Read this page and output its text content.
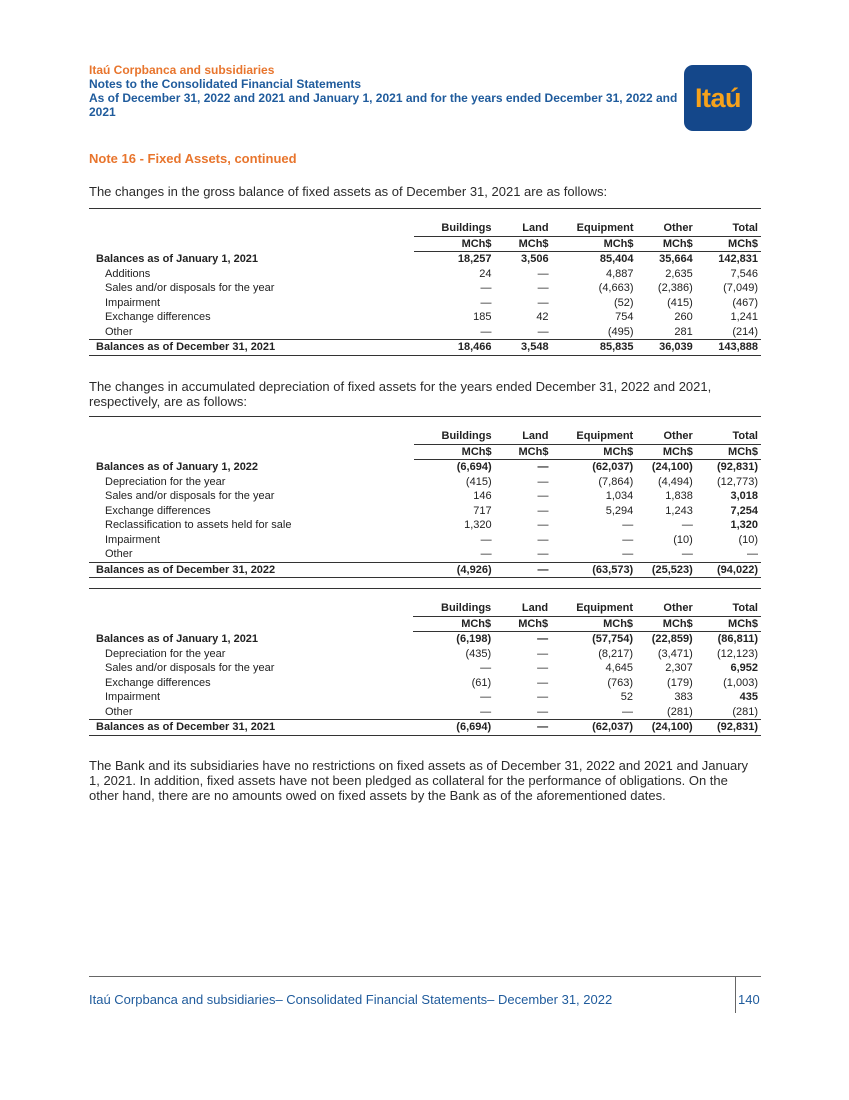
Itaú Corpbanca and subsidiaries
Notes to the Consolidated Financial Statements
As of December 31, 2022 and 2021 and January 1, 2021 and for the years ended December 31, 2022 and 2021	Itaú
Note 16 - Fixed Assets, continued
The changes in the gross balance of fixed assets as of December 31, 2021 are as follows:
	Buildings	Land	Equipment	Other	Total
	MCh$	MCh$	MCh$	MCh$	MCh$
Balances as of January 1, 2021	18,257	3,506	85,404	35,664	142,831
Additions	24	—	4,887	2,635	7,546
Sales and/or disposals for the year	—	—	(4,663)	(2,386)	(7,049)
Impairment	—	—	(52)	(415)	(467)
Exchange differences	185	42	754	260	1,241
Other	—	—	(495)	281	(214)
Balances as of December 31, 2021	18,466	3,548	85,835	36,039	143,888
The changes in accumulated depreciation of fixed assets for the years ended December 31, 2022 and 2021, respectively, are as follows:
	Buildings	Land	Equipment	Other	Total
	MCh$	MCh$	MCh$	MCh$	MCh$
Balances as of January 1, 2022	(6,694)	—	(62,037)	(24,100)	(92,831)
Depreciation for the year	(415)	—	(7,864)	(4,494)	(12,773)
Sales and/or disposals for the year	146	—	1,034	1,838	3,018
Exchange differences	717	—	5,294	1,243	7,254
Reclassification to assets held for sale	1,320	—	—	—	1,320
Impairment	—	—	—	(10)	(10)
Other	—	—	—	—	—
Balances as of December 31, 2022	(4,926)	—	(63,573)	(25,523)	(94,022)
	Buildings	Land	Equipment	Other	Total
	MCh$	MCh$	MCh$	MCh$	MCh$
Balances as of January 1, 2021	(6,198)	—	(57,754)	(22,859)	(86,811)
Depreciation for the year	(435)	—	(8,217)	(3,471)	(12,123)
Sales and/or disposals for the year	—	—	4,645	2,307	6,952
Exchange differences	(61)	—	(763)	(179)	(1,003)
Impairment	—	—	52	383	435
Other	—	—	—	(281)	(281)
Balances as of December 31, 2021	(6,694)	—	(62,037)	(24,100)	(92,831)
The Bank and its subsidiaries have no restrictions on fixed assets as of December 31, 2022 and 2021 and January 1, 2021. In addition, fixed assets have not been pledged as collateral for the performance of obligations. On the other hand, there are no amounts owed on fixed assets by the Bank as of the aforementioned dates.
Itaú Corpbanca and subsidiaries– Consolidated Financial Statements– December 31, 2022	140
